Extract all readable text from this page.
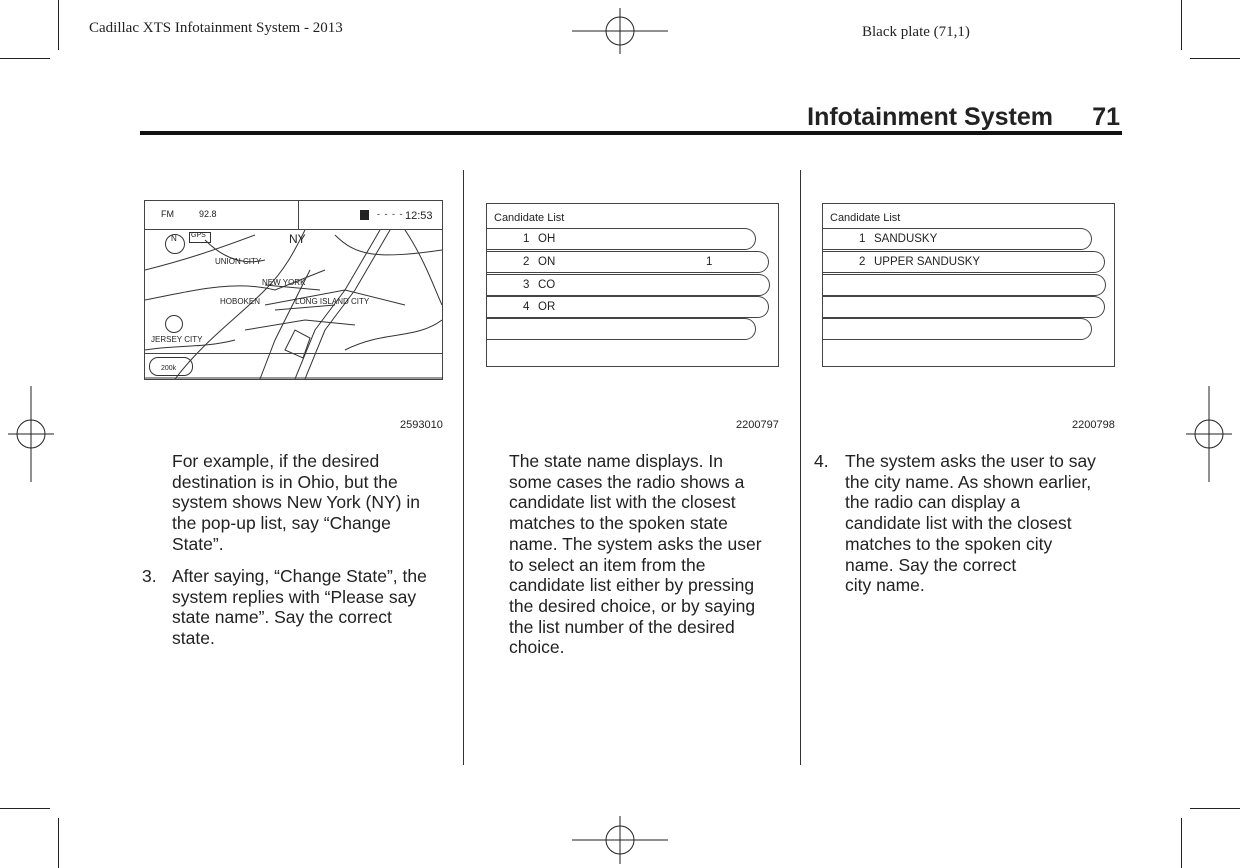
Cadillac XTS Infotainment System - 2013	Black plate (71,1)
Infotainment System 71
FM	92.8	- - - - 12:53
N GPS	NY
UNION CITY
NEW YORK
HOBOKEN	LONG ISLAND CITY
JERSEY CITY
200k
2593010
Candidate List
1 OH
2 ON	1
3 CO
4 OR
2200797
Candidate List
1 SANDUSKY
2 UPPER SANDUSKY
2200798
For example, if the desired
destination is in Ohio, but the
system shows New York (NY) in
the pop-up list, say “Change
State”.
3. After saying, “Change State”, the
system replies with “Please say
state name”. Say the correct
state.
The state name displays. In
some cases the radio shows a
candidate list with the closest
matches to the spoken state
name. The system asks the user
to select an item from the
candidate list either by pressing
the desired choice, or by saying
the list number of the desired
choice.
4. The system asks the user to say
the city name. As shown earlier,
the radio can display a
candidate list with the closest
matches to the spoken city
name. Say the correct
city name.
